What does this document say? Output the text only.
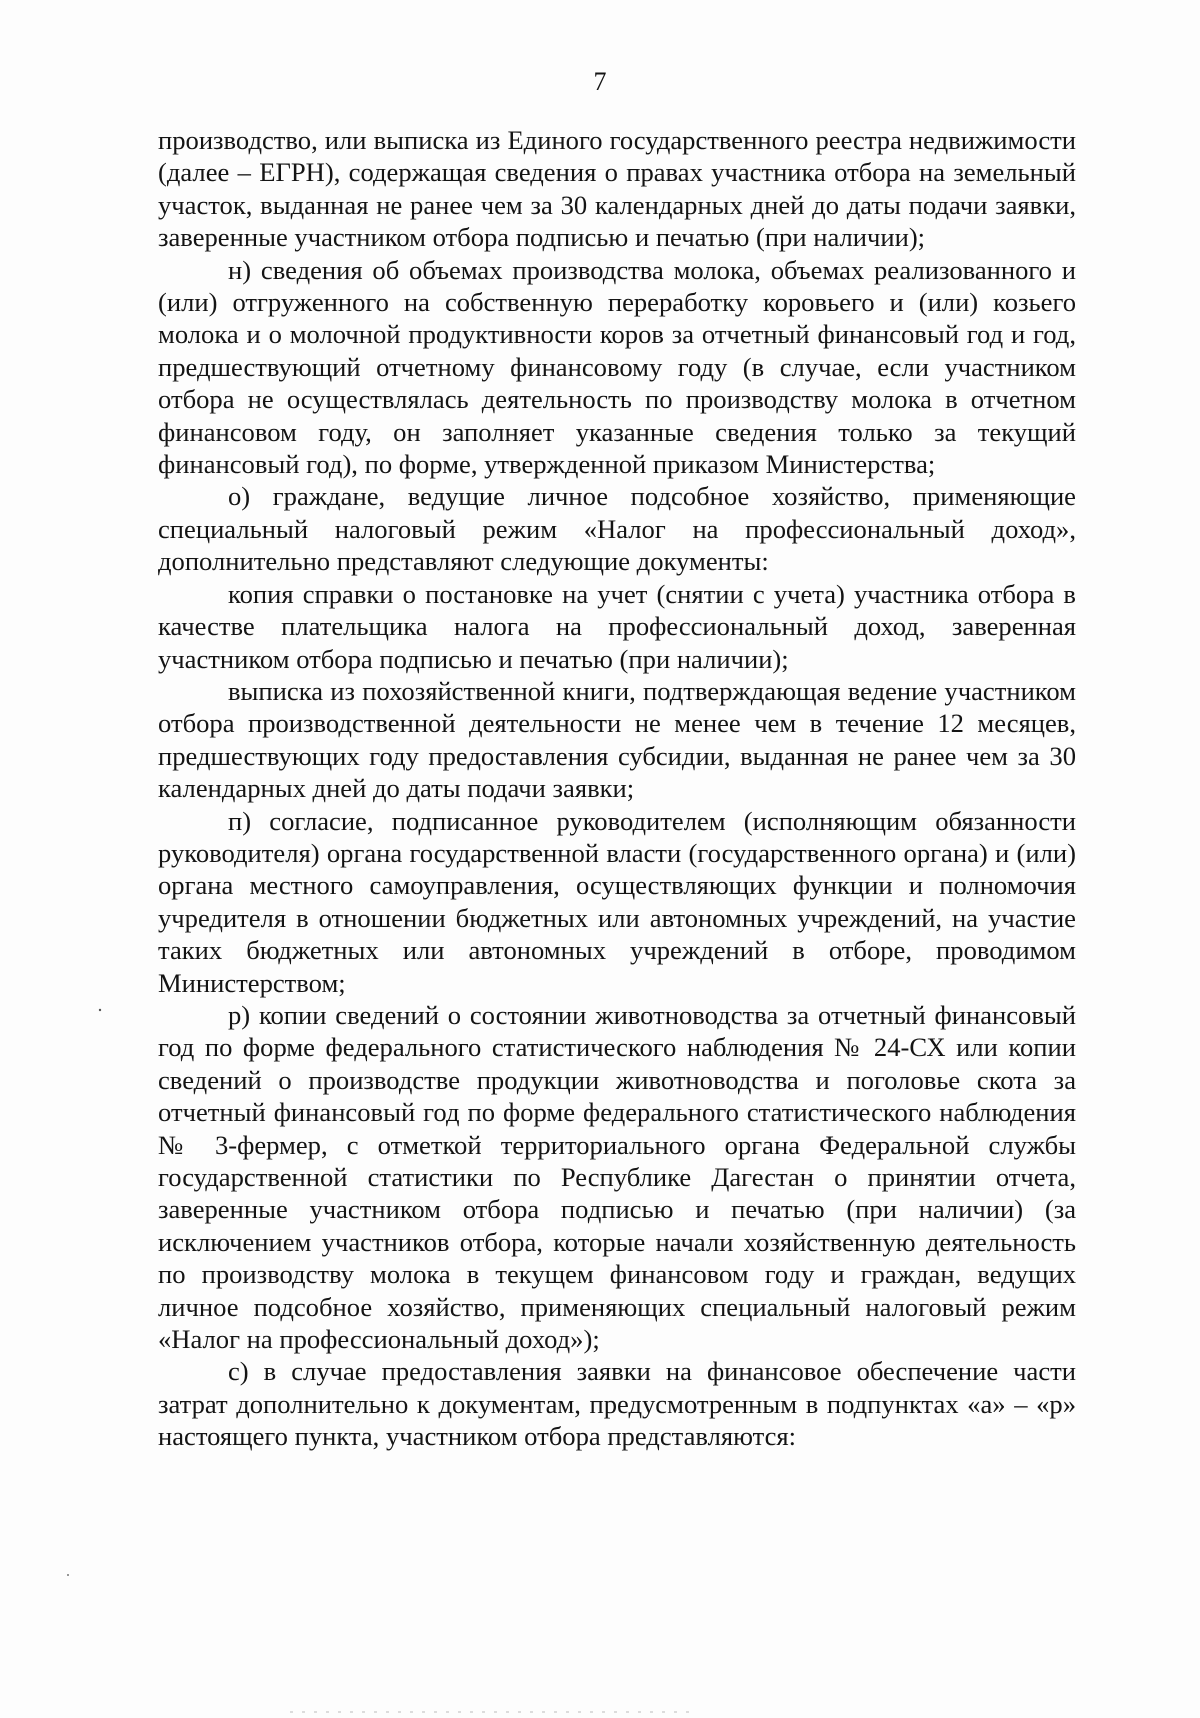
7

производство, или выписка из Единого государственного реестра недвижимости (далее – ЕГРН), содержащая сведения о правах участника отбора на земельный участок, выданная не ранее чем за 30 календарных дней до даты подачи заявки, заверенные участником отбора подписью и печатью (при наличии);

н) сведения об объемах производства молока, объемах реализованного и (или) отгруженного на собственную переработку коровьего и (или) козьего молока и о молочной продуктивности коров за отчетный финансовый год и год, предшествующий отчетному финансовому году (в случае, если участником отбора не осуществлялась деятельность по производству молока в отчетном финансовом году, он заполняет указанные сведения только за текущий финансовый год), по форме, утвержденной приказом Министерства;

о) граждане, ведущие личное подсобное хозяйство, применяющие специальный налоговый режим «Налог на профессиональный доход», дополнительно представляют следующие документы:

копия справки о постановке на учет (снятии с учета) участника отбора в качестве плательщика налога на профессиональный доход, заверенная участником отбора подписью и печатью (при наличии);

выписка из похозяйственной книги, подтверждающая ведение участником отбора производственной деятельности не менее чем в течение 12 месяцев, предшествующих году предоставления субсидии, выданная не ранее чем за 30 календарных дней до даты подачи заявки;

п) согласие, подписанное руководителем (исполняющим обязанности руководителя) органа государственной власти (государственного органа) и (или) органа местного самоуправления, осуществляющих функции и полномочия учредителя в отношении бюджетных или автономных учреждений, на участие таких бюджетных или автономных учреждений в отборе, проводимом Министерством;

р) копии сведений о состоянии животноводства за отчетный финансовый год по форме федерального статистического наблюдения № 24-СХ или копии сведений о производстве продукции животноводства и поголовье скота за отчетный финансовый год по форме федерального статистического наблюдения № 3-фермер, с отметкой территориального органа Федеральной службы государственной статистики по Республике Дагестан о принятии отчета, заверенные участником отбора подписью и печатью (при наличии) (за исключением участников отбора, которые начали хозяйственную деятельность по производству молока в текущем финансовом году и граждан, ведущих личное подсобное хозяйство, применяющих специальный налоговый режим «Налог на профессиональный доход»);

с) в случае предоставления заявки на финансовое обеспечение части затрат дополнительно к документам, предусмотренным в подпунктах «а» – «р» настоящего пункта, участником отбора представляются:
